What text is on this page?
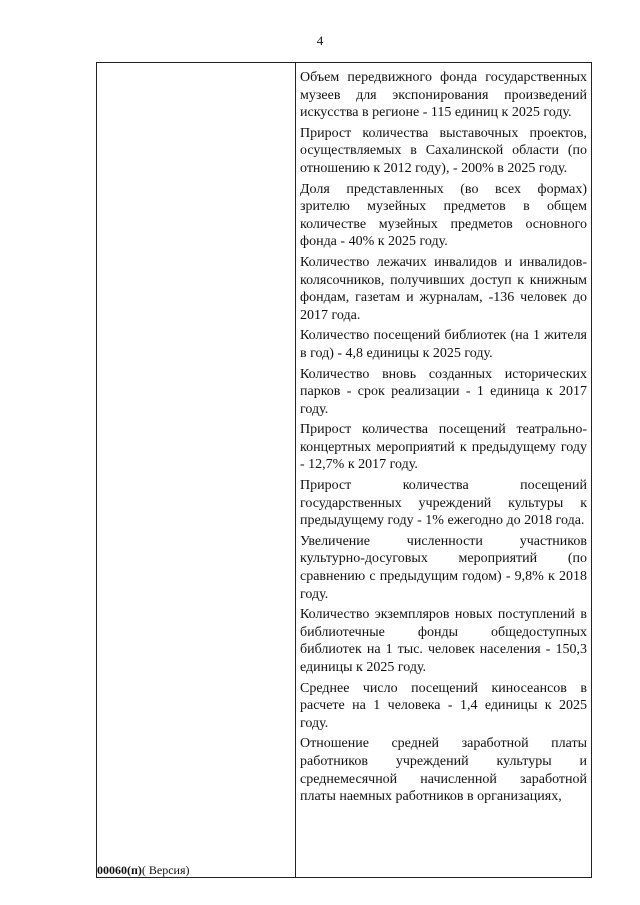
4

Объем передвижного фонда государственных музеев для экспонирования произведений искусства в регионе - 115 единиц к 2025 году.

Прирост количества выставочных проектов, осуществляемых в Сахалинской области (по отношению к 2012 году), - 200% в 2025 году.

Доля представленных (во всех формах) зрителю музейных предметов в общем количестве музейных предметов основного фонда - 40% к 2025 году.

Количество лежачих инвалидов и инвалидов-колясочников, получивших доступ к книжным фондам, газетам и журналам, -136 человек до 2017 года.

Количество посещений библиотек (на 1 жителя в год) - 4,8 единицы к 2025 году.

Количество вновь созданных исторических парков - срок реализации - 1 единица к 2017 году.

Прирост количества посещений театрально-концертных мероприятий к предыдущему году - 12,7% к 2017 году.

Прирост количества посещений государственных учреждений культуры к предыдущему году - 1% ежегодно до 2018 года.

Увеличение численности участников культурно-досуговых мероприятий (по сравнению с предыдущим годом) - 9,8% к 2018 году.

Количество экземпляров новых поступлений в библиотечные фонды общедоступных библиотек на 1 тыс. человек населения - 150,3 единицы к 2025 году.

Среднее число посещений киносеансов в расчете на 1 человека - 1,4 единицы к 2025 году.

Отношение средней заработной платы работников учреждений культуры и среднемесячной начисленной заработной платы наемных работников в организациях,

00060(п)( Версия)
